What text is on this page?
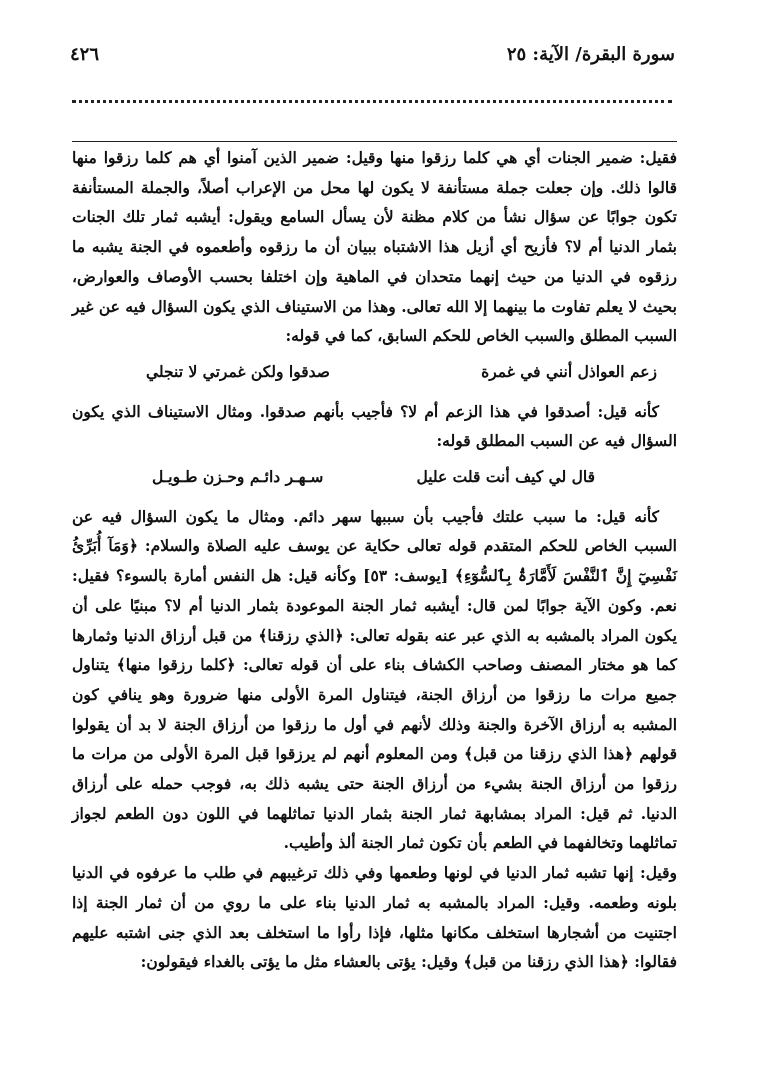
سورة البقرة/ الآية: ٢٥
٤٢٦

فقيل: ضمير الجنات أي هي كلما رزقوا منها وقيل: ضمير الذين آمنوا أي هم كلما رزقوا منها قالوا ذلك. وإن جعلت جملة مستأنفة لا يكون لها محل من الإعراب أصلاً، والجملة المستأنفة تكون جوابًا عن سؤال نشأ من كلام مظنة لأن يسأل السامع ويقول: أيشبه ثمار تلك الجنات بثمار الدنيا أم لا؟ فأزيح أي أزيل هذا الاشتباه ببيان أن ما رزقوه وأطعموه في الجنة يشبه ما رزقوه في الدنيا من حيث إنهما متحدان في الماهية وإن اختلفا بحسب الأوصاف والعوارض، بحيث لا يعلم تفاوت ما بينهما إلا الله تعالى. وهذا من الاستيناف الذي يكون السؤال فيه عن غير السبب المطلق والسبب الخاص للحكم السابق، كما في قوله:

زعم العواذل أنني في غمرة
صدقوا ولكن غمرتي لا تنجلي

كأنه قيل: أصدقوا في هذا الزعم أم لا؟ فأجيب بأنهم صدقوا. ومثال الاستيناف الذي يكون السؤال فيه عن السبب المطلق قوله:

قال لي كيف أنت قلت عليل
سـهـر دائـم وحـزن طـويـل

كأنه قيل: ما سبب علتك فأجيب بأن سببها سهر دائم. ومثال ما يكون السؤال فيه عن السبب الخاص للحكم المتقدم قوله تعالى حكاية عن يوسف عليه الصلاة والسلام: ﴿وَمَآ أُبَرِّئُ نَفْسِيٓ إِنَّ ٱلنَّفْسَ لَأَمَّارَةُۢ بِٱلسُّوٓءِ﴾ [يوسف: ٥٣] وكأنه قيل: هل النفس أمارة بالسوء؟ فقيل: نعم. وكون الآية جوابًا لمن قال: أيشبه ثمار الجنة الموعودة بثمار الدنيا أم لا؟ مبنيًا على أن يكون المراد بالمشبه به الذي عبر عنه بقوله تعالى: ﴿الذي رزقنا﴾ من قبل أرزاق الدنيا وثمارها كما هو مختار المصنف وصاحب الكشاف بناء على أن قوله تعالى: ﴿كلما رزقوا منها﴾ يتناول جميع مرات ما رزقوا من أرزاق الجنة، فيتناول المرة الأولى منها ضرورة وهو ينافي كون المشبه به أرزاق الآخرة والجنة وذلك لأنهم في أول ما رزقوا من أرزاق الجنة لا بد أن يقولوا قولهم ﴿هذا الذي رزقنا من قبل﴾ ومن المعلوم أنهم لم يرزقوا قبل المرة الأولى من مرات ما رزقوا من أرزاق الجنة بشيء من أرزاق الجنة حتى يشبه ذلك به، فوجب حمله على أرزاق الدنيا. ثم قيل: المراد بمشابهة ثمار الجنة بثمار الدنيا تماثلهما في اللون دون الطعم لجواز تماثلهما وتخالفهما في الطعم بأن تكون ثمار الجنة ألذ وأطيب.

وقيل: إنها تشبه ثمار الدنيا في لونها وطعمها وفي ذلك ترغيبهم في طلب ما عرفوه في الدنيا بلونه وطعمه. وقيل: المراد بالمشبه به ثمار الدنيا بناء على ما روي من أن ثمار الجنة إذا اجتنيت من أشجارها استخلف مكانها مثلها، فإذا رأوا ما استخلف بعد الذي جنى اشتبه عليهم فقالوا: ﴿هذا الذي رزقنا من قبل﴾ وقيل: يؤتى بالعشاء مثل ما يؤتى بالغداء فيقولون:
